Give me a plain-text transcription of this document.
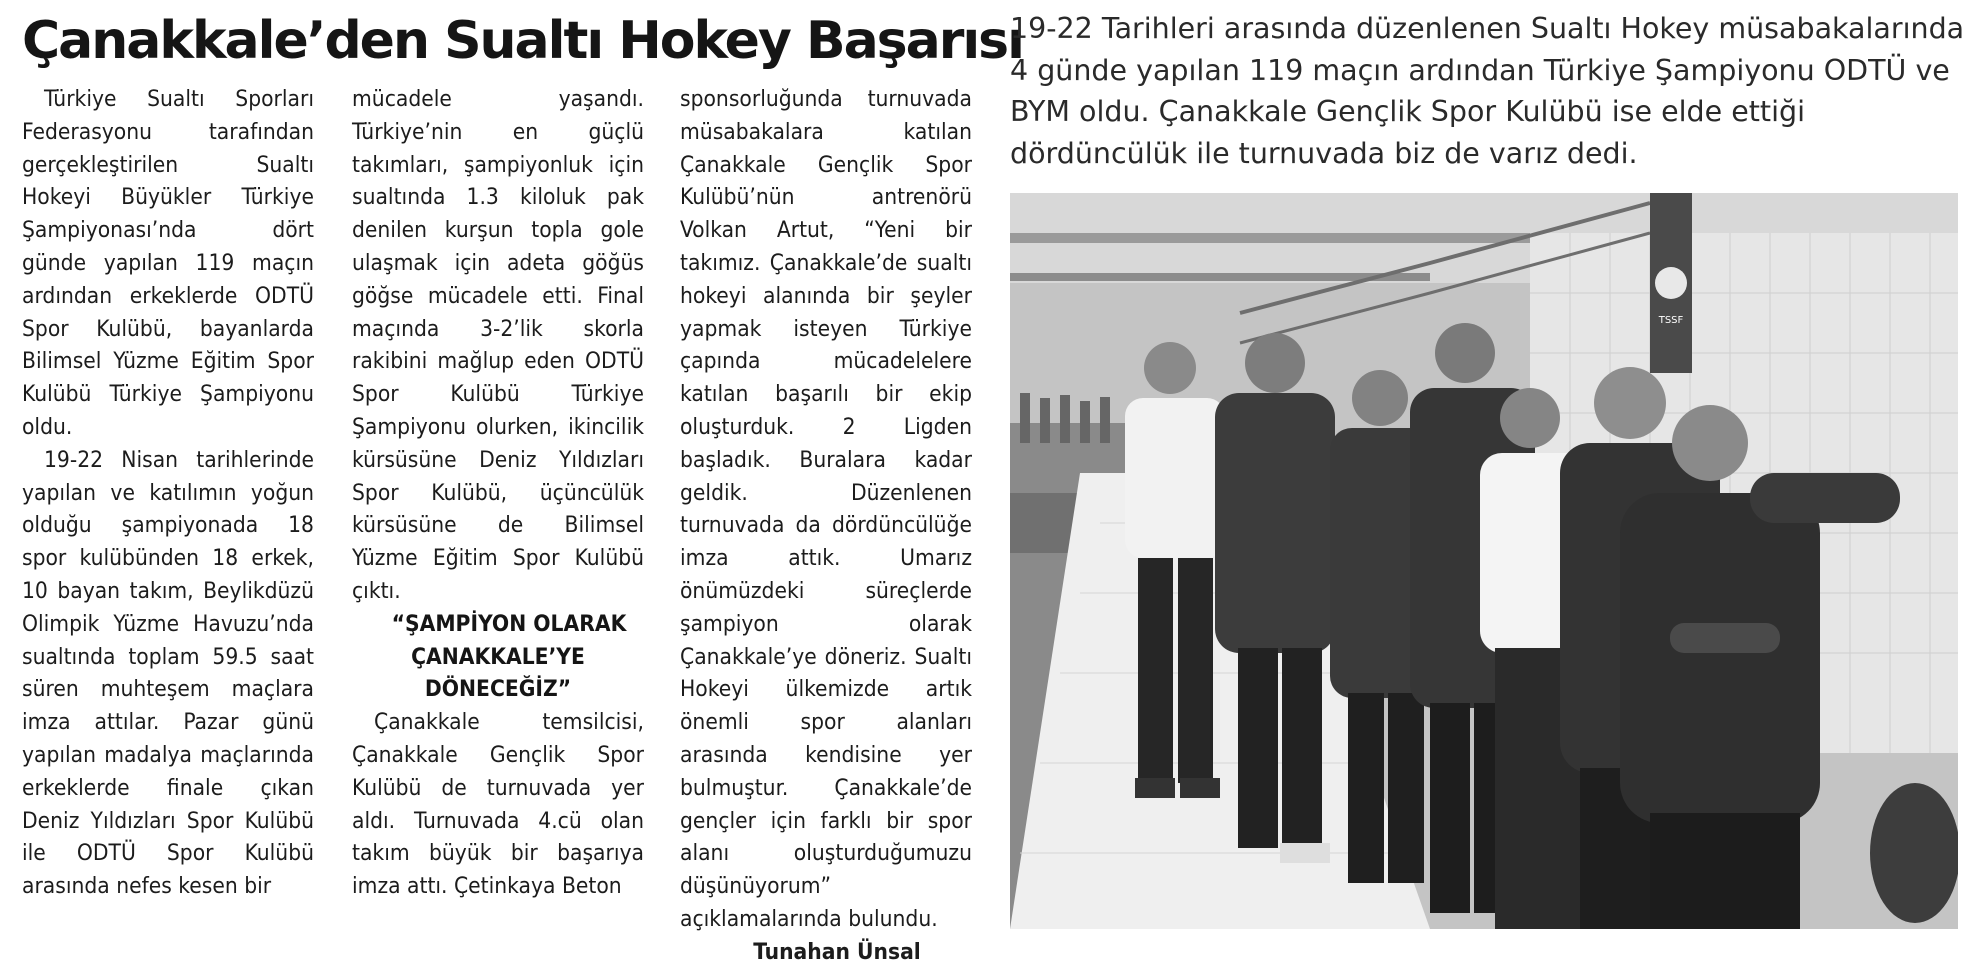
Çanakkale’den Sualtı Hokey Başarısı

Türkiye Sualtı Sporları Federasyonu tarafından gerçekleştirilen Sualtı Hokeyi Büyükler Türkiye Şampiyonası’nda dört günde yapılan 119 maçın ardından erkeklerde ODTÜ Spor Kulübü, bayanlarda Bilimsel Yüzme Eğitim Spor Kulübü Türkiye Şampiyonu oldu.

19-22 Nisan tarihlerinde yapılan ve katılımın yoğun olduğu şampiyonada 18 spor kulübünden 18 erkek, 10 bayan takım, Beylikdüzü Olimpik Yüzme Havuzu’nda sualtında toplam 59.5 saat süren muhteşem maçlara imza attılar. Pazar günü yapılan madalya maçlarında erkeklerde finale çıkan Deniz Yıldızları Spor Kulübü ile ODTÜ Spor Kulübü arasında nefes kesen bir

mücadele yaşandı. Türkiye’nin en güçlü takımları, şampiyonluk için sualtında 1.3 kiloluk pak denilen kurşun topla gole ulaşmak için adeta göğüs göğse mücadele etti. Final maçında 3-2’lik skorla rakibini mağlup eden ODTÜ Spor Kulübü Türkiye Şampiyonu olurken, ikincilik kürsüsüne Deniz Yıldızları Spor Kulübü, üçüncülük kürsüsüne de Bilimsel Yüzme Eğitim Spor Kulübü çıktı.

“ŞAMPİYON OLARAK ÇANAKKALE’YE DÖNECEĞİZ”

Çanakkale temsilcisi, Çanakkale Gençlik Spor Kulübü de turnuvada yer aldı. Turnuvada 4.cü olan takım büyük bir başarıya imza attı. Çetinkaya Beton

sponsorluğunda turnuvada müsabakalara katılan Çanakkale Gençlik Spor Kulübü’nün antrenörü Volkan Artut, “Yeni bir takımız. Çanakkale’de sualtı hokeyi alanında bir şeyler yapmak isteyen Türkiye çapında mücadelelere katılan başarılı bir ekip oluşturduk. 2 Ligden başladık. Buralara kadar geldik. Düzenlenen turnuvada da dördüncülüğe imza attık. Umarız önümüzdeki süreçlerde şampiyon olarak Çanakkale’ye döneriz. Sualtı Hokeyi ülkemizde artık önemli spor alanları arasında kendisine yer bulmuştur. Çanakkale’de gençler için farklı bir spor alanı oluşturduğumuzu düşünüyorum” açıklamalarında bulundu.

Tunahan Ünsal

19-22 Tarihleri arasında düzenlenen Sualtı Hokey müsabakalarında 4 günde yapılan 119 maçın ardından Türkiye Şampiyonu ODTÜ ve BYM oldu. Çanakkale Gençlik Spor Kulübü ise elde ettiği dördüncülük ile turnuvada biz de varız dedi.

TSSF
